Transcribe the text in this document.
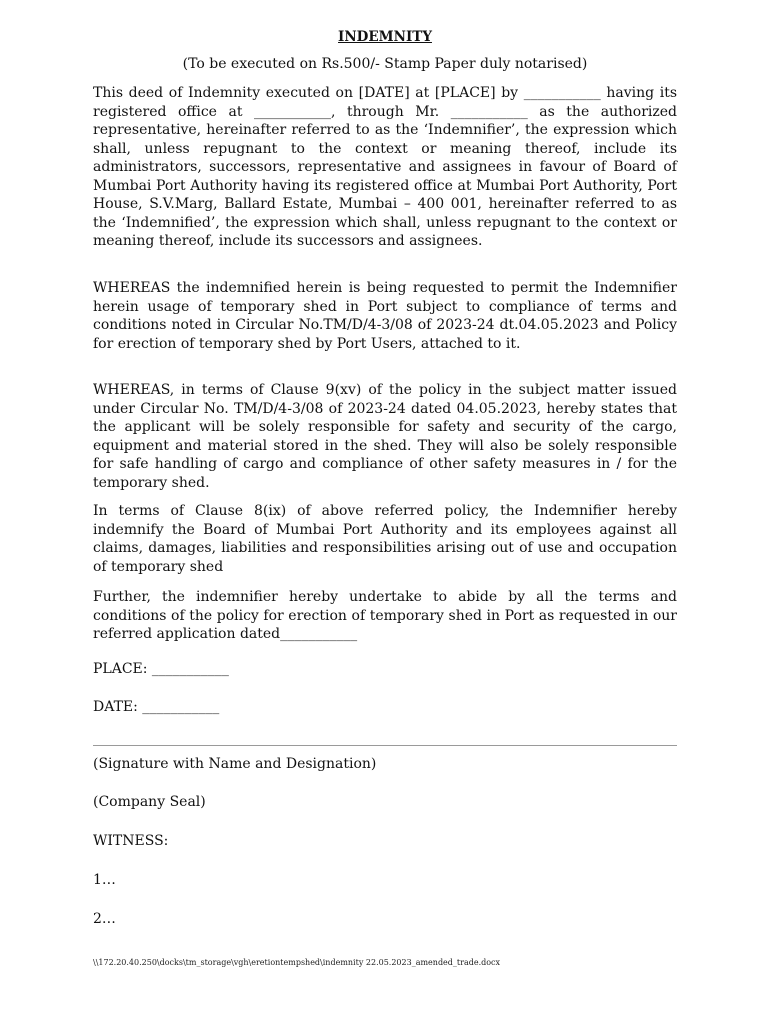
INDEMNITY
(To be executed on Rs.500/- Stamp Paper duly notarised)
This deed of Indemnity executed on [DATE] at [PLACE] by ___________ having its registered office at ___________, through Mr. ___________ as the authorized representative, hereinafter referred to as the ‘Indemnifier’, the expression which shall, unless repugnant to the context or meaning thereof, include its administrators, successors, representative and assignees in favour of Board of Mumbai Port Authority having its registered office at Mumbai Port Authority, Port House, S.V.Marg, Ballard Estate, Mumbai – 400 001, hereinafter referred to as the ‘Indemnified’, the expression which shall, unless repugnant to the context or meaning thereof, include its successors and assignees.
WHEREAS the indemnified herein is being requested to permit the Indemnifier herein usage of temporary shed in Port subject to compliance of terms and conditions noted in Circular No.TM/D/4-3/08 of 2023-24 dt.04.05.2023 and Policy for erection of temporary shed by Port Users, attached to it.
WHEREAS, in terms of Clause 9(xv) of the policy in the subject matter issued under Circular No. TM/D/4-3/08 of 2023-24 dated 04.05.2023, hereby states that the applicant will be solely responsible for safety and security of the cargo, equipment and material stored in the shed. They will also be solely responsible for safe handling of cargo and compliance of other safety measures in / for the temporary shed.
In terms of Clause 8(ix) of above referred policy, the Indemnifier hereby indemnify the Board of Mumbai Port Authority and its employees against all claims, damages, liabilities and responsibilities arising out of use and occupation of temporary shed
Further, the indemnifier hereby undertake to abide by all the terms and conditions of the policy for erection of temporary shed in Port as requested in our referred application dated___________
PLACE: ___________
DATE: ___________
(Signature with Name and Designation)
(Company Seal)
WITNESS:
1…
2…
\\172.20.40.250\docks\tm_storage\vgh\eretiontempshed\indemnity 22.05.2023_amended_trade.docx
